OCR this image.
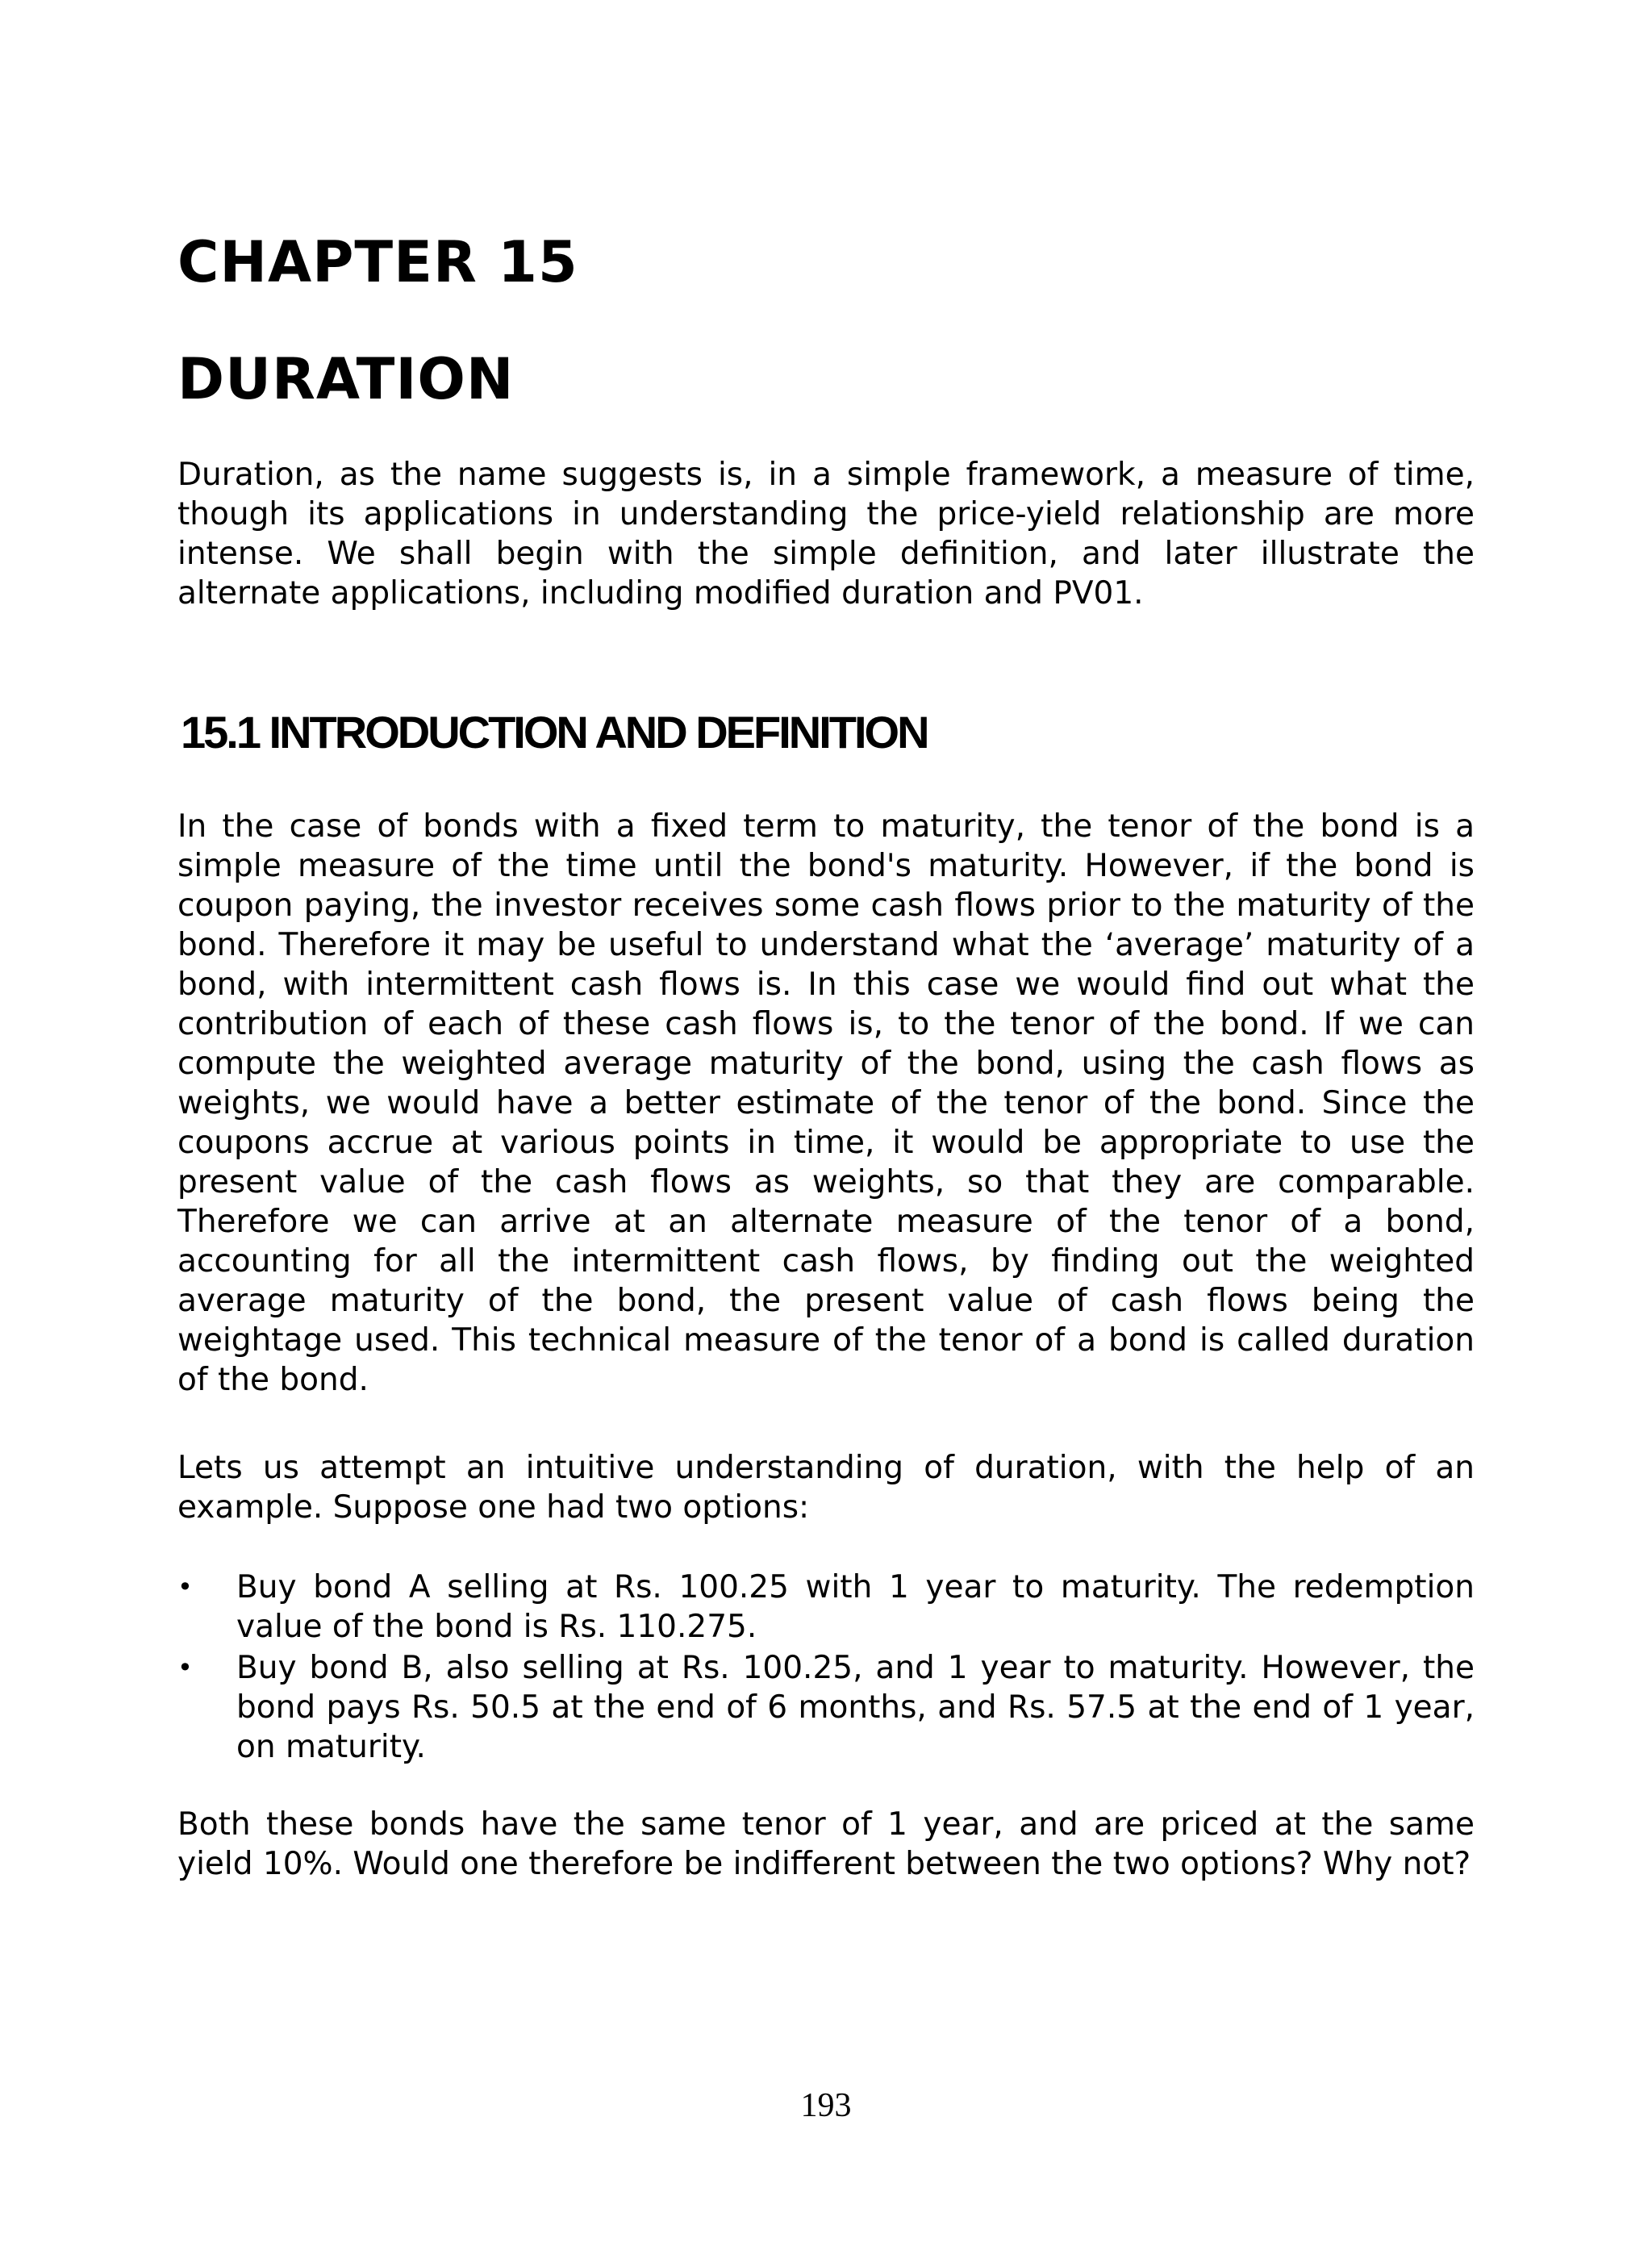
CHAPTER 15
DURATION

Duration, as the name suggests is, in a simple framework, a measure of time, though its applications in understanding the price-yield relationship are more intense. We shall begin with the simple definition, and later illustrate the alternate applications, including modified duration and PV01.

15.1 INTRODUCTION AND DEFINITION

In the case of bonds with a fixed term to maturity, the tenor of the bond is a simple measure of the time until the bond's maturity. However, if the bond is coupon paying, the investor receives some cash flows prior to the maturity of the bond. Therefore it may be useful to understand what the ‘average’ maturity of a bond, with intermittent cash flows is. In this case we would find out what the contribution of each of these cash flows is, to the tenor of the bond. If we can compute the weighted average maturity of the bond, using the cash flows as weights, we would have a better estimate of the tenor of the bond. Since the coupons accrue at various points in time, it would be appropriate to use the present value of the cash flows as weights, so that they are comparable. Therefore we can arrive at an alternate measure of the tenor of a bond, accounting for all the intermittent cash flows, by finding out the weighted average maturity of the bond, the present value of cash flows being the weightage used. This technical measure of the tenor of a bond is called duration of the bond.

Lets us attempt an intuitive understanding of duration, with the help of an example. Suppose one had two options:

• Buy bond A selling at Rs. 100.25 with 1 year to maturity. The redemption value of the bond is Rs. 110.275.
• Buy bond B, also selling at Rs. 100.25, and 1 year to maturity. However, the bond pays Rs. 50.5 at the end of 6 months, and Rs. 57.5 at the end of 1 year, on maturity.

Both these bonds have the same tenor of 1 year, and are priced at the same yield 10%. Would one therefore be indifferent between the two options? Why not?

193
